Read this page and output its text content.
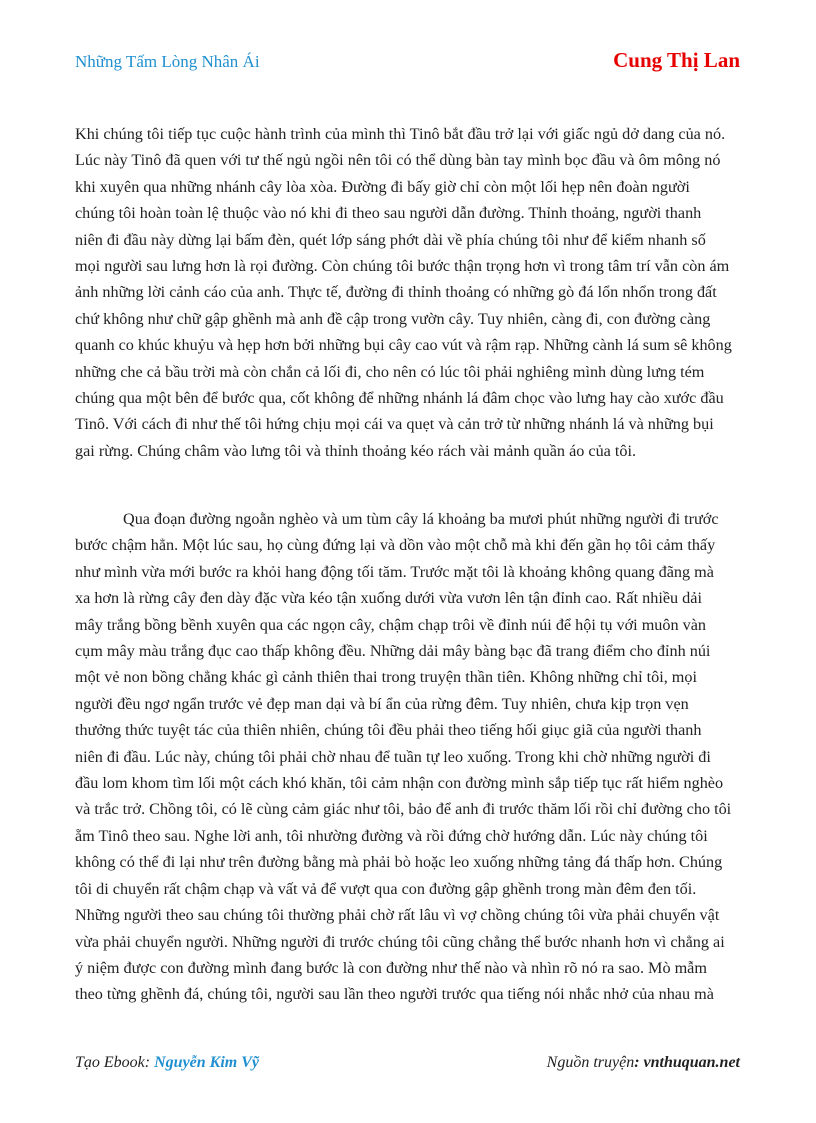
Những Tấm Lòng Nhân Ái	Cung Thị Lan
Khi chúng tôi tiếp tục cuộc hành trình của mình thì Tinô bắt đầu trở lại với giấc ngủ dở dang của nó.
Lúc này Tinô đã quen với tư thế ngủ ngồi nên tôi có thể dùng bàn tay mình bọc đầu và ôm mông nó
khi xuyên qua những nhánh cây lòa xòa. Đường đi bấy giờ chỉ còn một lối hẹp nên đoàn người
chúng tôi hoàn toàn lệ thuộc vào nó khi đi theo sau người dẫn đường. Thỉnh thoảng, người thanh
niên đi đầu này dừng lại bấm đèn, quét lớp sáng phớt dài về phía chúng tôi như để kiểm nhanh số
mọi người sau lưng hơn là rọi đường. Còn chúng tôi bước thận trọng hơn vì trong tâm trí vẫn còn ám
ảnh những lời cảnh cáo của anh. Thực tế, đường đi thỉnh thoảng có những gò đá lổn nhổn trong đất
chứ không như chữ gập ghềnh mà anh đề cập trong vườn cây. Tuy nhiên, càng đi, con đường càng
quanh co khúc khuỷu và hẹp hơn bởi những bụi cây cao vút và rậm rạp. Những cành lá sum sê không
những che cả bầu trời mà còn chắn cả lối đi, cho nên có lúc tôi phải nghiêng mình dùng lưng tém
chúng qua một bên để bước qua, cốt không để những nhánh lá đâm chọc vào lưng hay cào xước đầu
Tinô. Với cách đi như thế tôi hứng chịu mọi cái va quẹt và cản trở từ những nhánh lá và những bụi
gai rừng. Chúng châm vào lưng tôi và thỉnh thoảng kéo rách vài mảnh quần áo của tôi.
Qua đoạn đường ngoằn nghèo và um tùm cây lá khoảng ba mươi phút những người đi trước
bước chậm hẳn. Một lúc sau, họ cùng đứng lại và dồn vào một chỗ mà khi đến gần họ tôi cảm thấy
như mình vừa mới bước ra khỏi hang động tối tăm. Trước mặt tôi là khoảng không quang đãng mà
xa hơn là rừng cây đen dày đặc vừa kéo tận xuống dưới vừa vươn lên tận đỉnh cao. Rất nhiều dải
mây trắng bồng bềnh xuyên qua các ngọn cây, chậm chạp trôi về đỉnh núi để hội tụ với muôn vàn
cụm mây màu trắng đục cao thấp không đều. Những dải mây bàng bạc đã trang điểm cho đỉnh núi
một vẻ non bồng chẳng khác gì cảnh thiên thai trong truyện thần tiên. Không những chỉ tôi, mọi
người đều ngơ ngẩn trước vẻ đẹp man dại và bí ẩn của rừng đêm. Tuy nhiên, chưa kịp trọn vẹn
thưởng thức tuyệt tác của thiên nhiên, chúng tôi đều phải theo tiếng hối giục giã của người thanh
niên đi đầu. Lúc này, chúng tôi phải chờ nhau để tuần tự leo xuống. Trong khi chờ những người đi
đầu lom khom tìm lối một cách khó khăn, tôi cảm nhận con đường mình sắp tiếp tục rất hiểm nghèo
và trắc trở. Chồng tôi, có lẽ cùng cảm giác như tôi, bảo để anh đi trước thăm lối rồi chỉ đường cho tôi
ẵm Tinô theo sau. Nghe lời anh, tôi nhường đường và rồi đứng chờ hướng dẫn. Lúc này chúng tôi
không có thể đi lại như trên đường bằng mà phải bò hoặc leo xuống những tảng đá thấp hơn. Chúng
tôi di chuyển rất chậm chạp và vất vả để vượt qua con đường gập ghềnh trong màn đêm đen tối.
Những người theo sau chúng tôi thường phải chờ rất lâu vì vợ chồng chúng tôi vừa phải chuyển vật
vừa phải chuyển người. Những người đi trước chúng tôi cũng chẳng thể bước nhanh hơn vì chẳng ai
ý niệm được con đường mình đang bước là con đường như thế nào và nhìn rõ nó ra sao. Mò mẫm
theo từng ghềnh đá, chúng tôi, người sau lần theo người trước qua tiếng nói nhắc nhở của nhau mà
Tạo Ebook: Nguyễn Kim Vỹ	Nguồn truyện: vnthuquan.net
